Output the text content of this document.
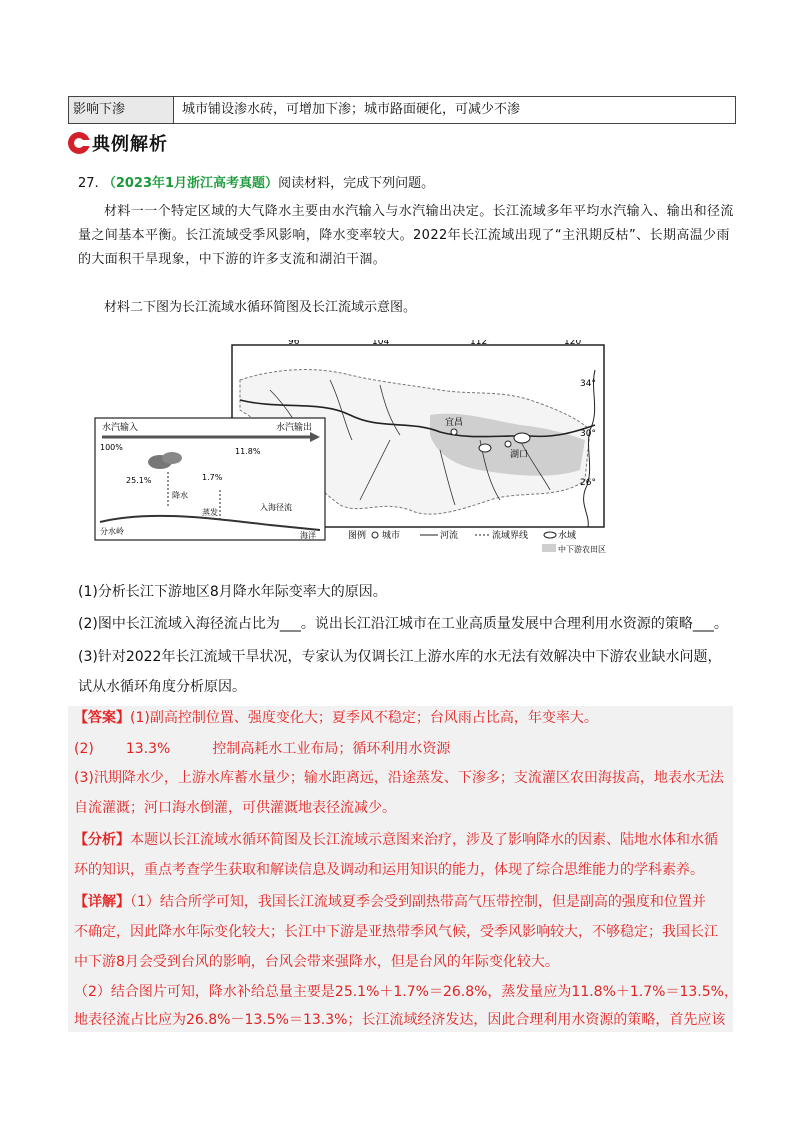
影响下渗	城市铺设渗水砖，可增加下渗；城市路面硬化，可减少不渗
典例解析
27. （2023年1月浙江高考真题）阅读材料，完成下列问题。
材料一一个特定区域的大气降水主要由水汽输入与水汽输出决定。长江流域多年平均水汽输入、输出和径流量之间基本平衡。长江流域受季风影响，降水变率较大。2022年长江流域出现了“主汛期反枯”、长期高温少雨的大面积干旱现象，中下游的许多支流和湖泊干涸。
材料二下图为长江流域水循环简图及长江流域示意图。
宜昌
湖口
96°	104°	112°	120°
34°
30°
26°
水汽输入	水汽输出
100%	11.8%
25.1%	1.7%
降水
蒸发
入海径流
分水岭	海洋	图例 城市	河流	流域界线	水域
中下游农田区
(1)分析长江下游地区8月降水年际变率大的原因。
(2)图中长江流域入海径流占比为___。说出长江沿江城市在工业高质量发展中合理利用水资源的策略___。
(3)针对2022年长江流域干旱状况，专家认为仅调长江上游水库的水无法有效解决中下游农业缺水问题，
试从水循环角度分析原因。
【答案】(1)副高控制位置、强度变化大；夏季风不稳定；台风雨占比高，年变率大。
(2) 13.3%	控制高耗水工业布局；循环利用水资源
(3)汛期降水少，上游水库蓄水量少；输水距离远，沿途蒸发、下渗多；支流灌区农田海拔高，地表水无法
自流灌溉；河口海水倒灌，可供灌溉地表径流减少。
【分析】本题以长江流域水循环简图及长江流域示意图来治疗，涉及了影响降水的因素、陆地水体和水循
环的知识，重点考查学生获取和解读信息及调动和运用知识的能力，体现了综合思维能力的学科素养。
【详解】（1）结合所学可知，我国长江流域夏季会受到副热带高气压带控制，但是副高的强度和位置并
不确定，因此降水年际变化较大；长江中下游是亚热带季风气候，受季风影响较大，不够稳定；我国长江
中下游8月会受到台风的影响，台风会带来强降水，但是台风的年际变化较大。
（2）结合图片可知，降水补给总量主要是25.1%＋1.7%＝26.8%，蒸发量应为11.8%＋1.7%＝13.5%，
地表径流占比应为26.8%－13.5%＝13.3%；长江流域经济发达，因此合理利用水资源的策略，首先应该
